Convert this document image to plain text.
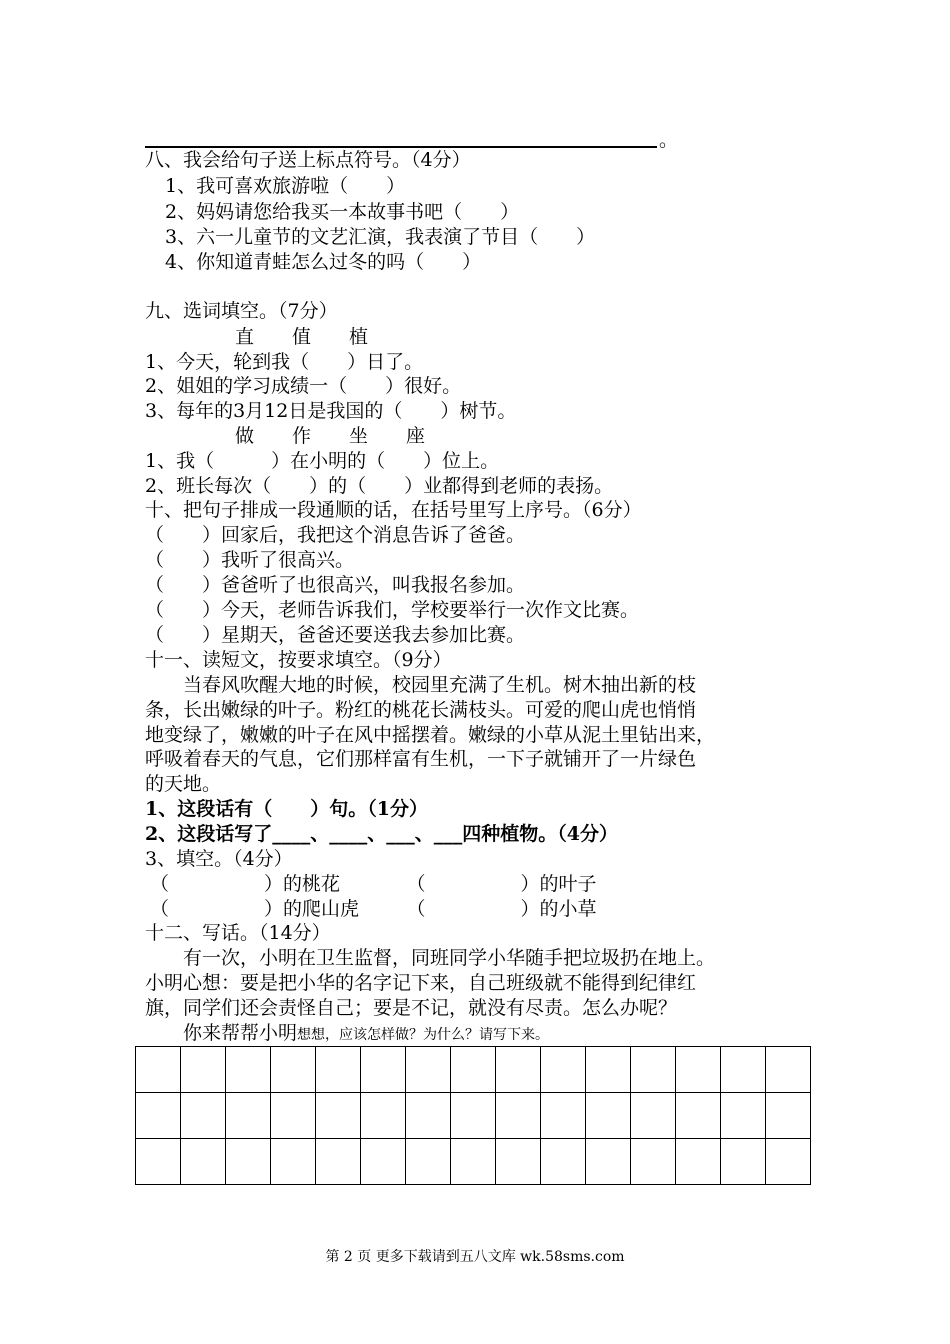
。
八、我会给句子送上标点符号。（4分）
1、我可喜欢旅游啦（　　）
2、妈妈请您给我买一本故事书吧（　　）
3、六一儿童节的文艺汇演，我表演了节目（　　）
4、你知道青蛙怎么过冬的吗（　　）
九、选词填空。（7分）
直　　值　　植
1、今天，轮到我（　　）日了。
2、姐姐的学习成绩一（　　）很好。
3、每年的3月12日是我国的（　　）树节。
做　　作　　坐　　座
1、我（　　　）在小明的（　　）位上。
2、班长每次（　　）的（　　）业都得到老师的表扬。
十、把句子排成一段通顺的话，在括号里写上序号。（6分）
（　　）回家后，我把这个消息告诉了爸爸。
（　　）我听了很高兴。
（　　）爸爸听了也很高兴，叫我报名参加。
（　　）今天，老师告诉我们，学校要举行一次作文比赛。
（　　）星期天，爸爸还要送我去参加比赛。
十一、读短文，按要求填空。（9分）
　　当春风吹醒大地的时候，校园里充满了生机。树木抽出新的枝
条，长出嫩绿的叶子。粉红的桃花长满枝头。可爱的爬山虎也悄悄
地变绿了，嫩嫩的叶子在风中摇摆着。嫩绿的小草从泥土里钻出来，
呼吸着春天的气息，它们那样富有生机，一下子就铺开了一片绿色
的天地。
1、这段话有（　　）句。（1分）
2、这段话写了____、____、___、___四种植物。（4分）
3、填空。（4分）
（　　　　　）的桃花　　　　（　　　　　）的叶子
（　　　　　）的爬山虎　　　（　　　　　）的小草
十二、写话。（14分）
　　有一次，小明在卫生监督，同班同学小华随手把垃圾扔在地上。
小明心想：要是把小华的名字记下来，自己班级就不能得到纪律红
旗，同学们还会责怪自己；要是不记，就没有尽责。怎么办呢？
　　你来帮帮小明想想，应该怎样做？为什么？请写下来。

第 2 页 更多下载请到五八文库 wk.58sms.com
